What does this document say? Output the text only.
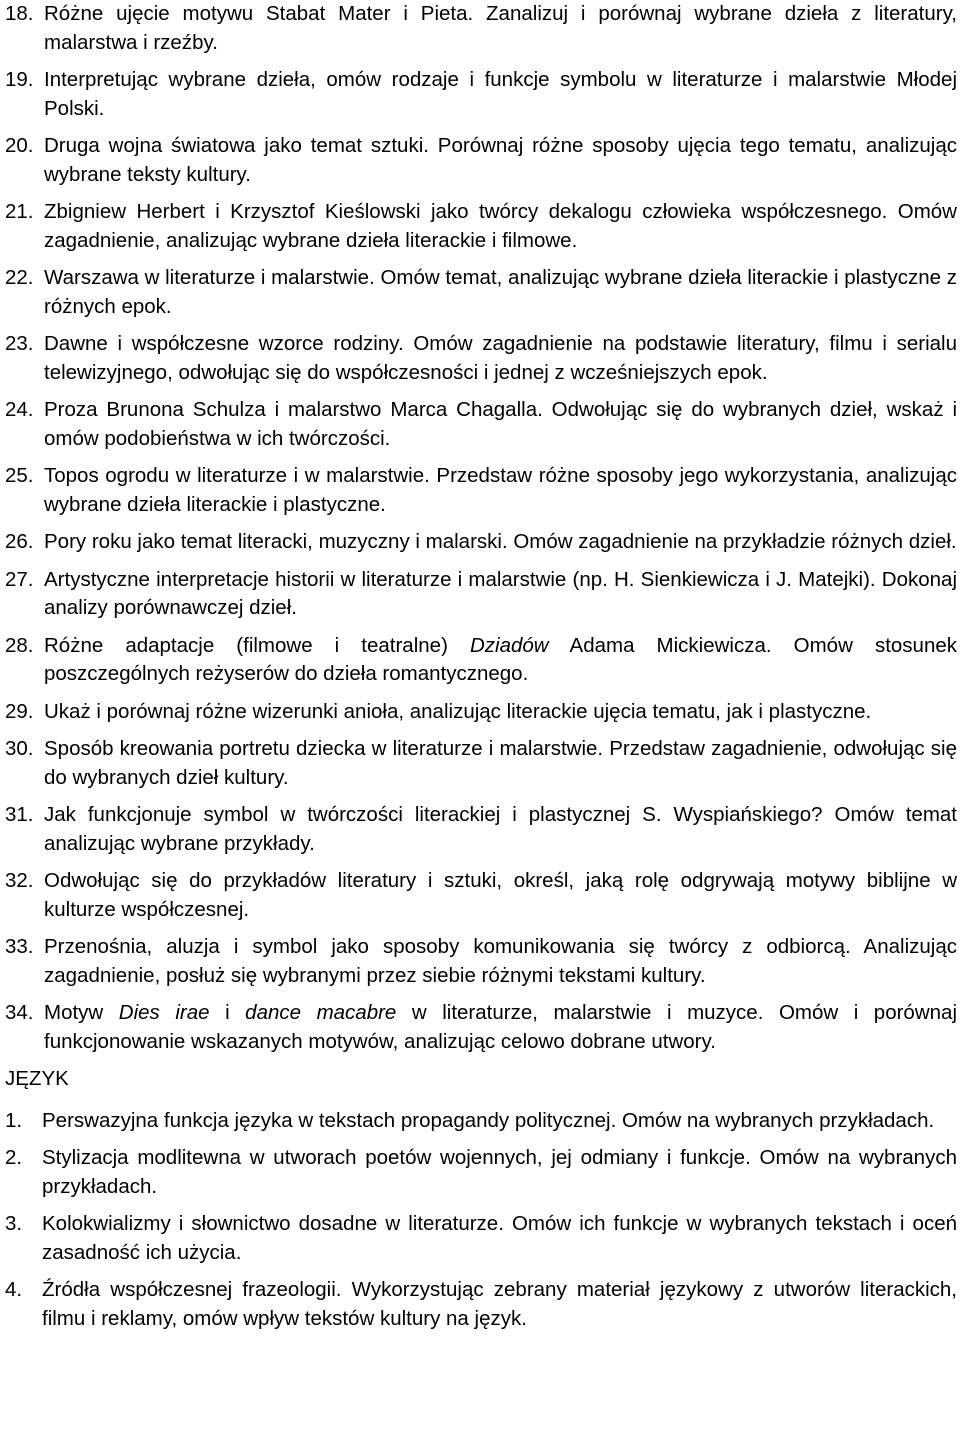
18. Różne ujęcie motywu Stabat Mater i Pieta. Zanalizuj i porównaj wybrane dzieła z literatury, malarstwa i rzeźby.
19. Interpretując wybrane dzieła, omów rodzaje i funkcje symbolu w literaturze i malarstwie Młodej Polski.
20. Druga wojna światowa jako temat sztuki. Porównaj różne sposoby ujęcia tego tematu, analizując wybrane teksty kultury.
21. Zbigniew Herbert i Krzysztof Kieślowski jako twórcy dekalogu człowieka współczesnego. Omów zagadnienie, analizując wybrane dzieła literackie i filmowe.
22. Warszawa w literaturze i malarstwie. Omów temat, analizując wybrane dzieła literackie i plastyczne z różnych epok.
23. Dawne i współczesne wzorce rodziny. Omów zagadnienie na podstawie literatury, filmu i serialu telewizyjnego, odwołując się do współczesności i jednej z wcześniejszych epok.
24. Proza Brunona Schulza i malarstwo Marca Chagalla. Odwołując się do wybranych dzieł, wskaż i omów podobieństwa w ich twórczości.
25. Topos ogrodu w literaturze i w malarstwie. Przedstaw różne sposoby jego wykorzystania, analizując wybrane dzieła literackie i plastyczne.
26. Pory roku jako temat literacki, muzyczny i malarski. Omów zagadnienie na przykładzie różnych dzieł.
27. Artystyczne interpretacje historii w literaturze i malarstwie (np. H. Sienkiewicza i J. Matejki). Dokonaj analizy porównawczej dzieł.
28. Różne adaptacje (filmowe i teatralne) Dziadów Adama Mickiewicza. Omów stosunek poszczególnych reżyserów do dzieła romantycznego.
29. Ukaż i porównaj różne wizerunki anioła, analizując literackie ujęcia tematu, jak i plastyczne.
30. Sposób kreowania portretu dziecka w literaturze i malarstwie. Przedstaw zagadnienie, odwołując się do wybranych dzieł kultury.
31. Jak funkcjonuje symbol w twórczości literackiej i plastycznej S. Wyspiańskiego? Omów temat analizując wybrane przykłady.
32. Odwołując się do przykładów literatury i sztuki, określ, jaką rolę odgrywają motywy biblijne w kulturze współczesnej.
33. Przenośnia, aluzja i symbol jako sposoby komunikowania się twórcy z odbiorcą. Analizując zagadnienie, posłuż się wybranymi przez siebie różnymi tekstami kultury.
34. Motyw Dies irae i dance macabre w literaturze, malarstwie i muzyce. Omów i porównaj funkcjonowanie wskazanych motywów, analizując celowo dobrane utwory.
JĘZYK
1. Perswazyjna funkcja języka w tekstach propagandy politycznej. Omów na wybranych przykładach.
2. Stylizacja modlitewna w utworach poetów wojennych, jej odmiany i funkcje. Omów na wybranych przykładach.
3. Kolokwializmy i słownictwo dosadne w literaturze. Omów ich funkcje w wybranych tekstach i oceń zasadność ich użycia.
4. Źródła współczesnej frazeologii. Wykorzystując zebrany materiał językowy z utworów literackich, filmu i reklamy, omów wpływ tekstów kultury na język.
